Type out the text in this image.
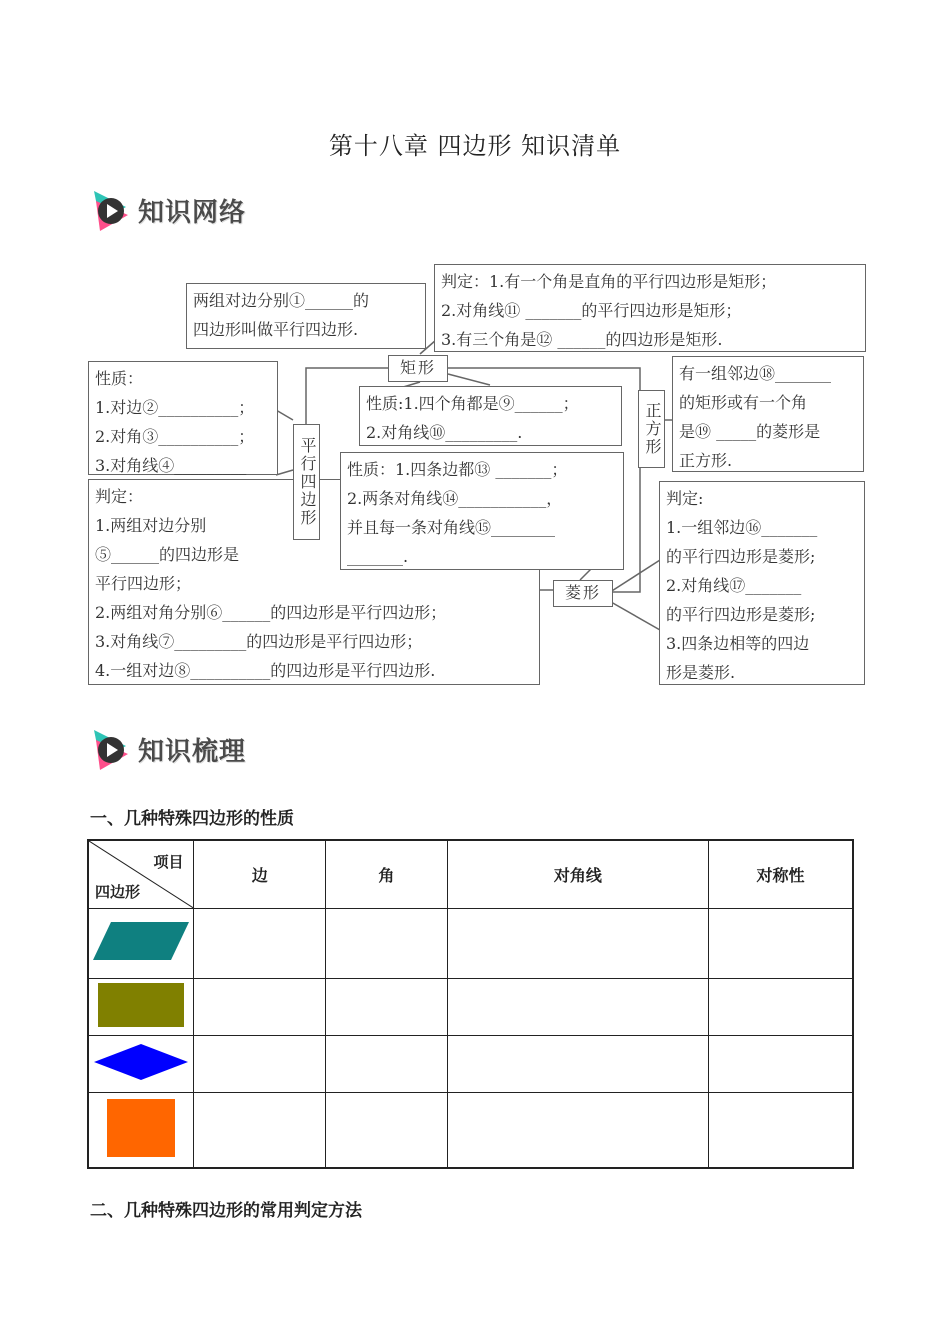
第十八章 四边形 知识清单
知识网络
两组对边分别①______的
四边形叫做平行四边形.
性质：
1.对边②__________；
2.对角③__________；
3.对角线④_________
判定：
1.两组对边分别
⑤______的四边形是
平行四边形；
2.两组对角分别⑥______的四边形是平行四边形；
3.对角线⑦_________的四边形是平行四边形；
4.一组对边⑧__________的四边形是平行四边形.
平行四边形
判定：1.有一个角是直角的平行四边形是矩形；
2.对角线⑪ _______的平行四边形是矩形；
3.有三个角是⑫ ______的四边形是矩形.
矩形
性质:1.四个角都是⑨______；
2.对角线⑩_________.	正方形
有一组邻边⑱_______
的矩形或有一个角
是⑲ _____的菱形是
正方形.
性质：1.四条边都⑬ _______；
2.两条对角线⑭___________，
并且每一条对角线⑮________
_______.
菱形
判定:
1.一组邻边⑯_______
的平行四边形是菱形;
2.对角线⑰_______
的平行四边形是菱形;
3.四条边相等的四边
形是菱形.
知识梳理
一、几种特殊四边形的性质
项目
四边形	边	角	对角线	对称性

二、几种特殊四边形的常用判定方法
